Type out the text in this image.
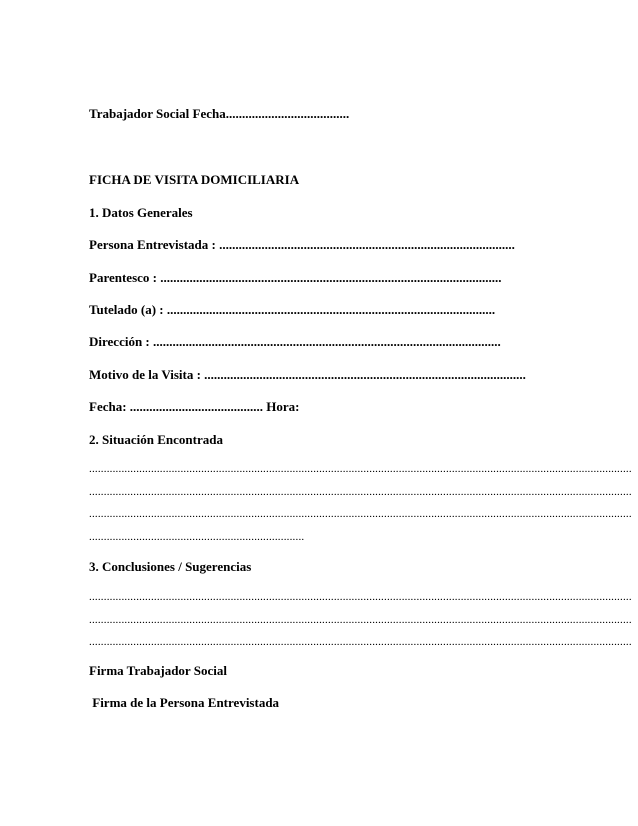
Trabajador Social Fecha......................................
FICHA DE VISITA DOMICILIARIA
1. Datos Generales
Persona Entrevistada : ...........................................................................................
Parentesco : .........................................................................................................
Tutelado (a) : .....................................................................................................
Dirección : ...........................................................................................................
Motivo de la Visita : ...................................................................................................
Fecha: ......................................... Hora:
2. Situación Encontrada
........................................................................................................................................................................................
........................................................................................................................................................................................
........................................................................................................................................................................................
.........................................................................
3. Conclusiones / Sugerencias
........................................................................................................................................................................................
........................................................................................................................................................................................
........................................................................................................................................................................................
Firma Trabajador Social
Firma de la Persona Entrevistada
